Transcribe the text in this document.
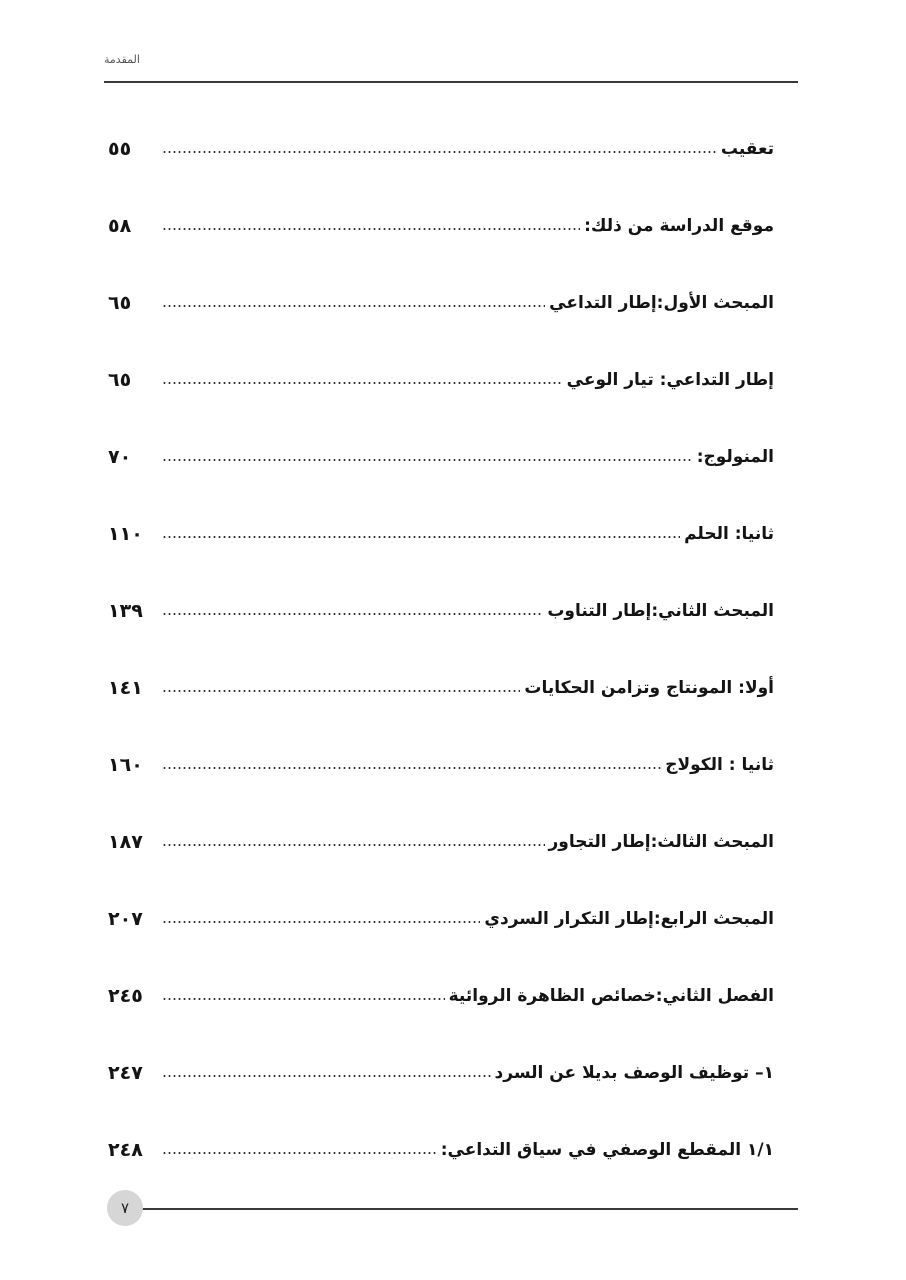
المقدمة
٥٥	تعقيب
٥٨	موقع الدراسة من ذلك:
٦٥	المبحث الأول:إطار التداعي
٦٥	إطار التداعي: تيار الوعي
٧٠	المنولوج:
١١٠	ثانيا: الحلم
١٣٩	المبحث الثاني:إطار التناوب
١٤١	أولا: المونتاج وتزامن الحكايات
١٦٠	ثانيا : الكولاج
١٨٧	المبحث الثالث:إطار التجاور
٢٠٧	المبحث الرابع:إطار التكرار السردي
٢٤٥	الفصل الثاني:خصائص الظاهرة الروائية
٢٤٧	١– توظيف الوصف بديلا عن السرد
٢٤٨	١/١ المقطع الوصفي في سياق التداعي:
٧
